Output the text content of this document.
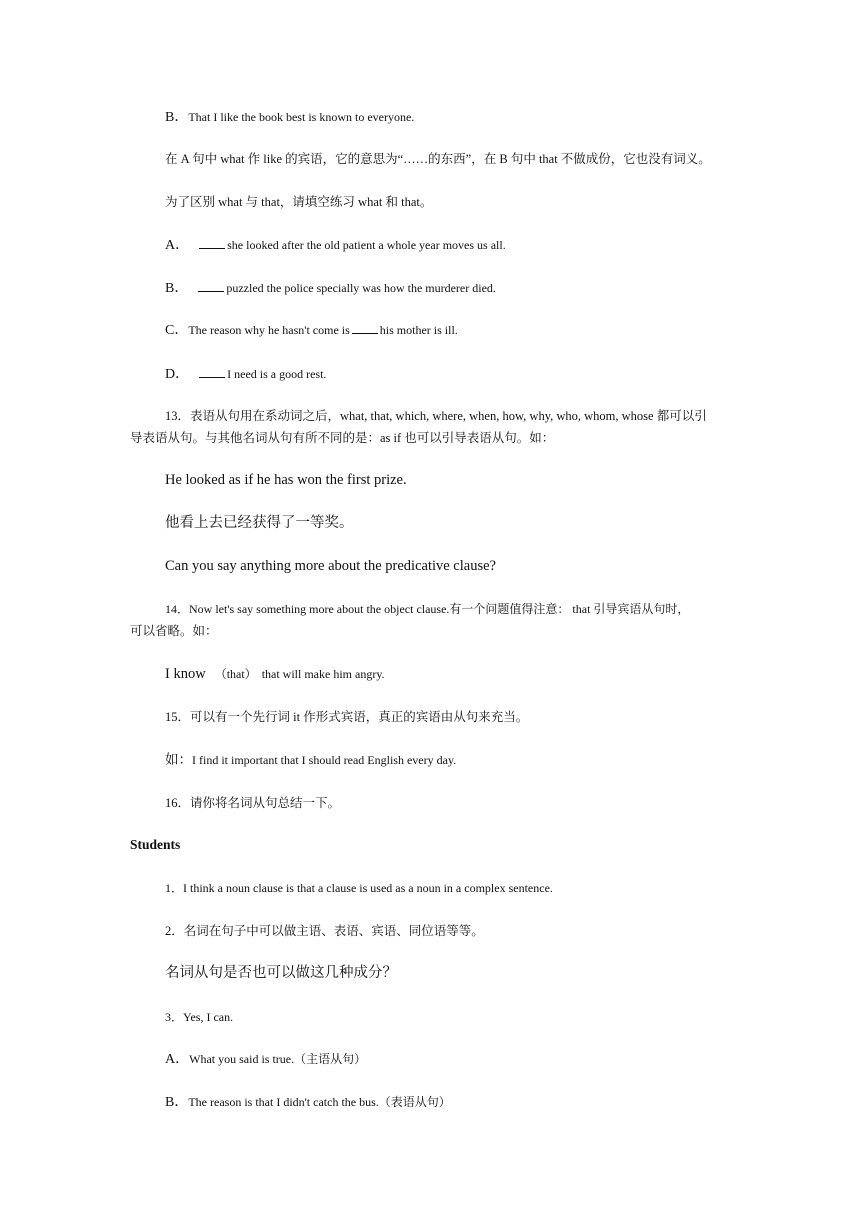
B．That I like the book best is known to everyone.
在 A 句中 what 作 like 的宾语，它的意思为“……的东西”，在 B 句中 that 不做成份，它也没有词义。
为了区别 what 与 that，请填空练习 what 和 that。
A．	she looked after the old patient a whole year moves us all.
B．	puzzled the police specially was how the murderer died.
C．The reason why he hasn't come is	his mother is ill.
D．	I need is a good rest.
13．表语从句用在系动词之后，what, that, which, where, when, how, why, who, whom, whose 都可以引
导表语从句。与其他名词从句有所不同的是：as if 也可以引导表语从句。如：
He looked as if he has won the first prize.
他看上去已经获得了一等奖。
Can you say anything more about the predicative clause?
14．Now let's say something more about the object clause.有一个问题值得注意： that 引导宾语从句时，
可以省略。如：
I know （that） that will make him angry.
15．可以有一个先行词 it 作形式宾语，真正的宾语由从句来充当。
如：I find it important that I should read English every day.
16．请你将名词从句总结一下。
Students
1．I think a noun clause is that a clause is used as a noun in a complex sentence.
2．名词在句子中可以做主语、表语、宾语、同位语等等。
名词从句是否也可以做这几种成分？
3．Yes, I can.
A．What you said is true.（主语从句）
B．The reason is that I didn't catch the bus.（表语从句）
